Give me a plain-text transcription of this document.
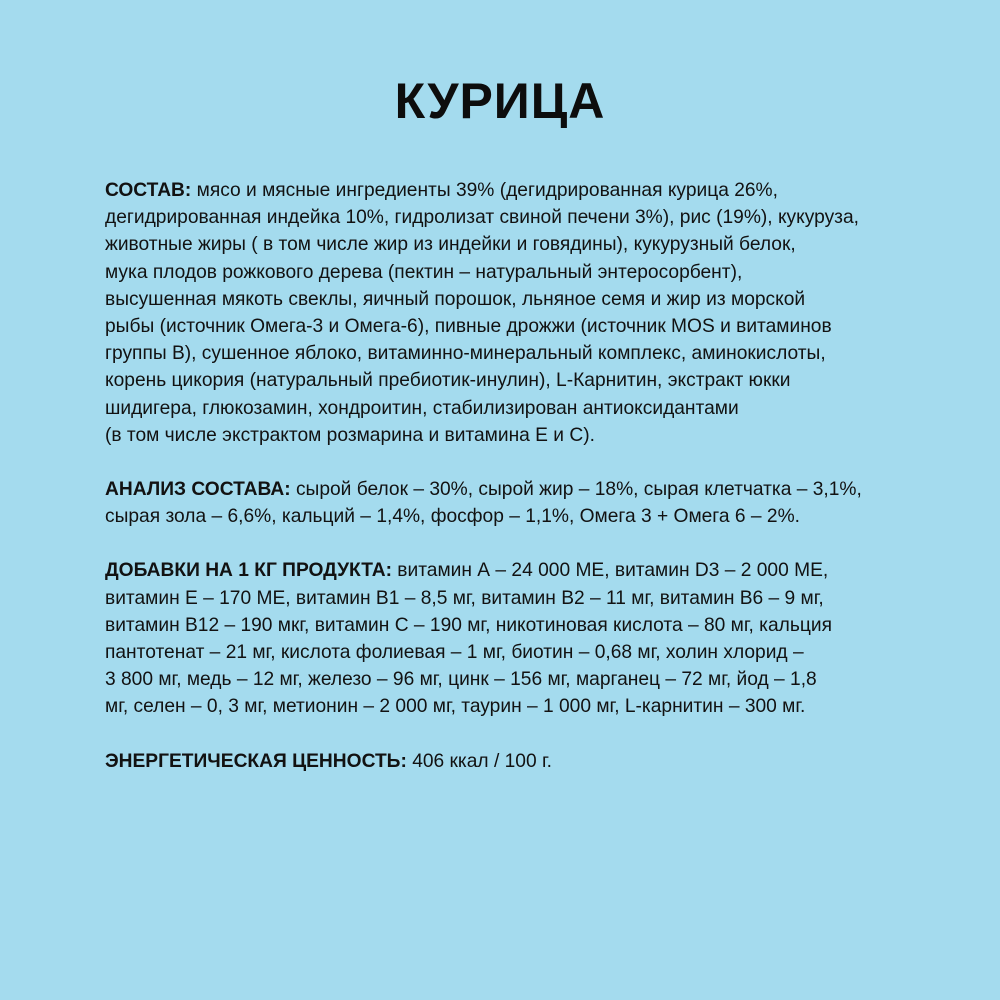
КУРИЦА
СОСТАВ: мясо и мясные ингредиенты 39% (дегидрированная курица 26%,
дегидрированная индейка 10%, гидролизат свиной печени 3%), рис (19%), кукуруза,
животные жиры ( в том числе жир из индейки и говядины), кукурузный белок,
мука плодов рожкового дерева (пектин – натуральный энтеросорбент),
высушенная мякоть свеклы, яичный порошок, льняное семя и жир из морской
рыбы (источник Омега-3 и Омега-6), пивные дрожжи (источник MOS и витаминов
группы В), сушенное яблоко, витаминно-минеральный комплекс, аминокислоты,
корень цикория (натуральный пребиотик-инулин), L-Карнитин, экстракт юкки
шидигера, глюкозамин, хондроитин, стабилизирован антиоксидантами
(в том числе экстрактом розмарина и витамина Е и С).
АНАЛИЗ СОСТАВА: сырой белок – 30%, сырой жир – 18%, сырая клетчатка – 3,1%,
сырая зола – 6,6%, кальций – 1,4%, фосфор – 1,1%, Омега 3 + Омега 6 – 2%.
ДОБАВКИ НА 1 КГ ПРОДУКТА: витамин А – 24 000 МЕ, витамин D3 – 2 000 МЕ,
витамин Е – 170 МЕ, витамин В1 – 8,5 мг, витамин В2 – 11 мг, витамин В6 – 9 мг,
витамин В12 – 190 мкг, витамин С – 190 мг, никотиновая кислота – 80 мг, кальция
пантотенат – 21 мг, кислота фолиевая – 1 мг, биотин – 0,68 мг, холин хлорид –
3 800 мг, медь – 12 мг, железо – 96 мг, цинк – 156 мг, марганец – 72 мг, йод – 1,8
мг, селен – 0, 3 мг, метионин – 2 000 мг, таурин – 1 000 мг, L-карнитин – 300 мг.
ЭНЕРГЕТИЧЕСКАЯ ЦЕННОСТЬ: 406 ккал / 100 г.
